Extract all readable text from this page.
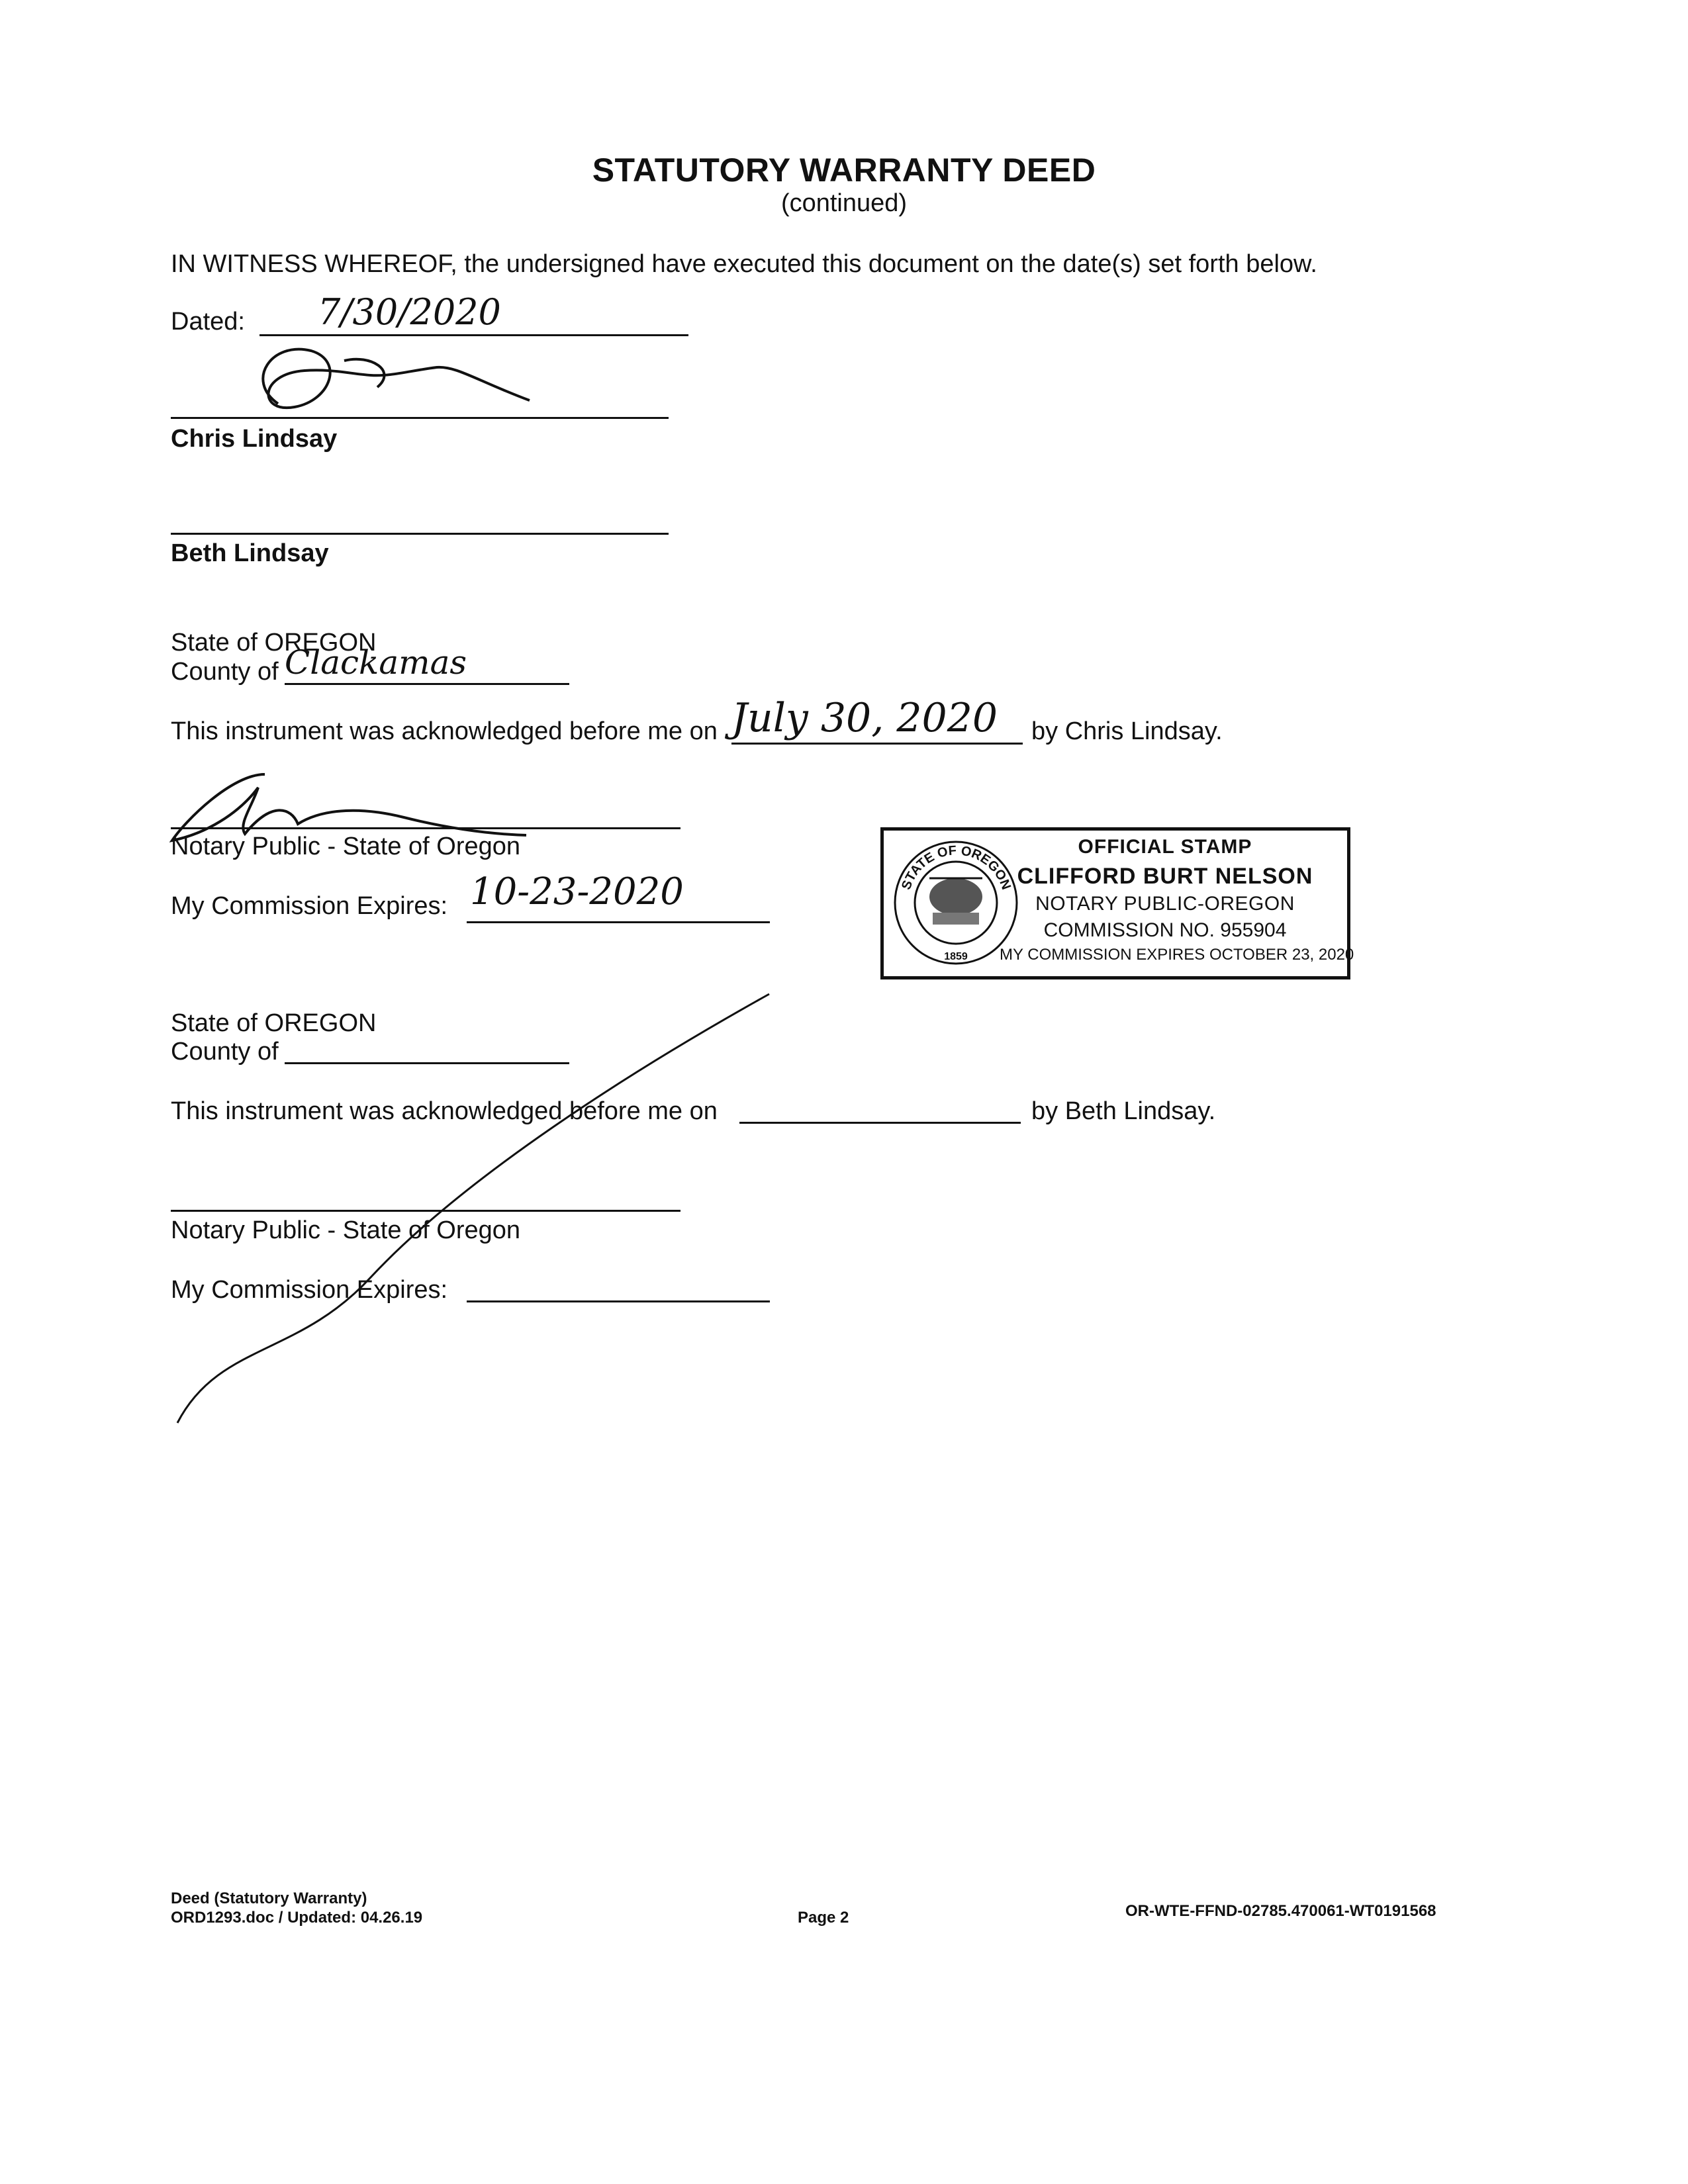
STATUTORY WARRANTY DEED
(continued)
IN WITNESS WHEREOF, the undersigned have executed this document on the date(s) set forth below.
Dated: 7/30/2020
Chris Lindsay
Beth Lindsay
State of OREGON
County of Clackamas
This instrument was acknowledged before me on July 30, 2020 by Chris Lindsay.
Notary Public - State of Oregon
My Commission Expires: 10-23-2020	STATE OF OREGON
1859
OFFICIAL STAMP
CLIFFORD BURT NELSON
NOTARY PUBLIC-OREGON
COMMISSION NO. 955904
MY COMMISSION EXPIRES OCTOBER 23, 2020
State of OREGON
County of
This instrument was acknowledged before me on	by Beth Lindsay.
Notary Public - State of Oregon
My Commission Expires:
Deed (Statutory Warranty)
ORD1293.doc / Updated: 04.26.19	Page 2	OR-WTE-FFND-02785.470061-WT0191568
